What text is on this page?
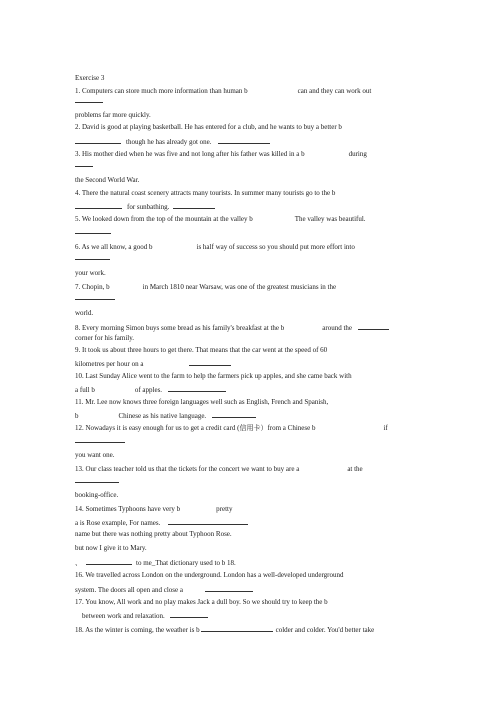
Exercise 3
1. Computers can store much more information than human b	can and they can work out
problems far more quickly.
2. David is good at playing basketball. He has entered for a club, and he wants to buy a better b
though he has already got one.
3. His mother died when he was five and not long after his father was killed in a b	during
the Second World War.
4. There the natural coast scenery attracts many tourists. In summer many tourists go to the b
for sunbathing.
5. We looked down from the top of the mountain at the valley b	The valley was beautiful.
6. As we all know, a good b	is half way of success so you should put more effort into
your work.
7. Chopin, b	in March 1810 near Warsaw, was one of the greatest musicians in the
world.
8. Every morning Simon buys some bread as his family's breakfast at the b	around the
corner for his family.
9. It took us about three hours to get there. That means that the car went at the speed of 60
kilometres per hour on a
10. Last Sunday Alice went to the farm to help the farmers pick up apples, and she came back with
a full b	of apples.
11. Mr. Lee now knows three foreign languages well such as English, French and Spanish,
b	Chinese as his native language.
12. Nowadays it is easy enough for us to get a credit card (信用卡）from a Chinese b	if
you want one.
13. Our class teacher told us that the tickets for the concert we want to buy are a	at the
booking-office.
14. Sometimes Typhoons have very b	pretty
a is Rose example, For names.
name but there was nothing pretty about Typhoon Rose.
but now I give it to Mary.
、	to me_That dictionary used to b 18.
16. We travelled across London on the underground. London has a well-developed underground
system. The doors all open and close a
17. You know, All work and no play makes Jack a dull boy. So we should try to keep the b
between work and relaxation.
18. As the winter is coming, the weather is b	colder and colder. You'd better take
